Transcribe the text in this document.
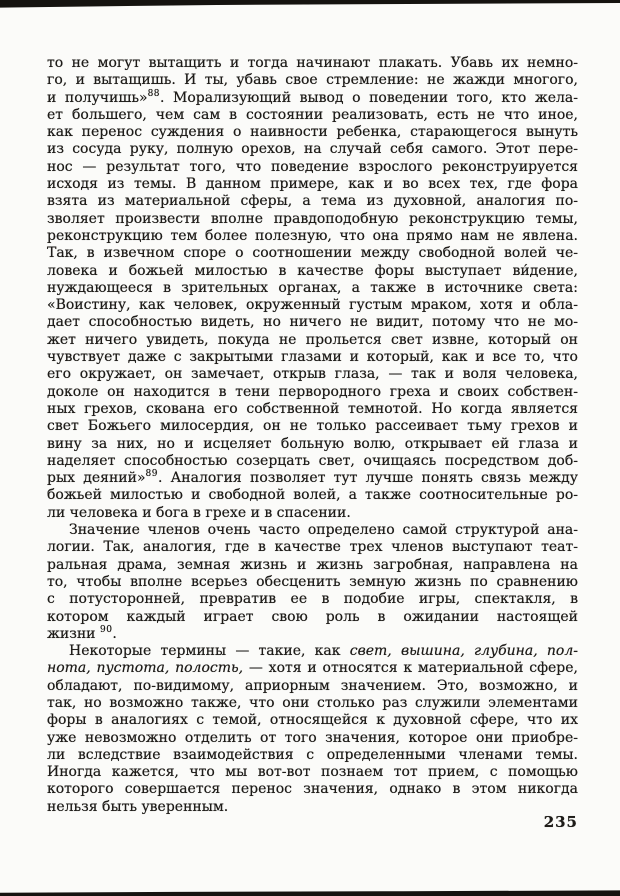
то не могут вытащить и тогда начинают плакать. Убавь их немно-
го, и вытащишь. И ты, убавь свое стремление: не жажди многого,
и получишь»$^{88}$. Морализующий вывод о поведении того, кто жела-
ет большего, чем сам в состоянии реализовать, есть не что иное,
как перенос суждения о наивности ребенка, старающегося вынуть
из сосуда руку, полную орехов, на случай себя самого. Этот пере-
нос — результат того, что поведение взрослого реконструируется
исходя из темы. В данном примере, как и во всех тех, где фора
взята из материальной сферы, а тема из духовной, аналогия по-
зволяет произвести вполне правдоподобную реконструкцию темы,
реконструкцию тем более полезную, что она прямо нам не явлена.
Так, в извечном споре о соотношении между свободной волей че-
ловека и божьей милостью в качестве форы выступает ви́дение,
нуждающееся в зрительных органах, а также в источнике света:
«Воистину, как человек, окруженный густым мраком, хотя и обла-
дает способностью видеть, но ничего не видит, потому что не мо-
жет ничего увидеть, покуда не прольется свет извне, который он
чувствует даже с закрытыми глазами и который, как и все то, что
его окружает, он замечает, открыв глаза, — так и воля человека,
доколе он находится в тени первородного греха и своих собствен-
ных грехов, скована его собственной темнотой. Но когда является
свет Божьего милосердия, он не только рассеивает тьму грехов и
вину за них, но и исцеляет больную волю, открывает ей глаза и
наделяет способностью созерцать свет, очищаясь посредством доб-
рых деяний»$^{89}$. Аналогия позволяет тут лучше понять связь между
божьей милостью и свободной волей, а также соотносительные ро-
ли человека и бога в грехе и в спасении.
Значение членов очень часто определено самой структурой ана-
логии. Так, аналогия, где в качестве трех членов выступают теат-
ральная драма, земная жизнь и жизнь загробная, направлена на
то, чтобы вполне всерьез обесценить земную жизнь по сравнению
с потусторонней, превратив ее в подобие игры, спектакля, в
котором каждый играет свою роль в ожидании настоящей
жизни $^{90}$.
Некоторые термины — такие, как свет, вышина, глубина, пол-
нота, пустота, полость, — хотя и относятся к материальной сфере,
обладают, по-видимому, априорным значением. Это, возможно, и
так, но возможно также, что они столько раз служили элементами
форы в аналогиях с темой, относящейся к духовной сфере, что их
уже невозможно отделить от того значения, которое они приобре-
ли вследствие взаимодействия с определенными членами темы.
Иногда кажется, что мы вот-вот познаем тот прием, с помощью
которого совершается перенос значения, однако в этом никогда
нельзя быть уверенным.
235
